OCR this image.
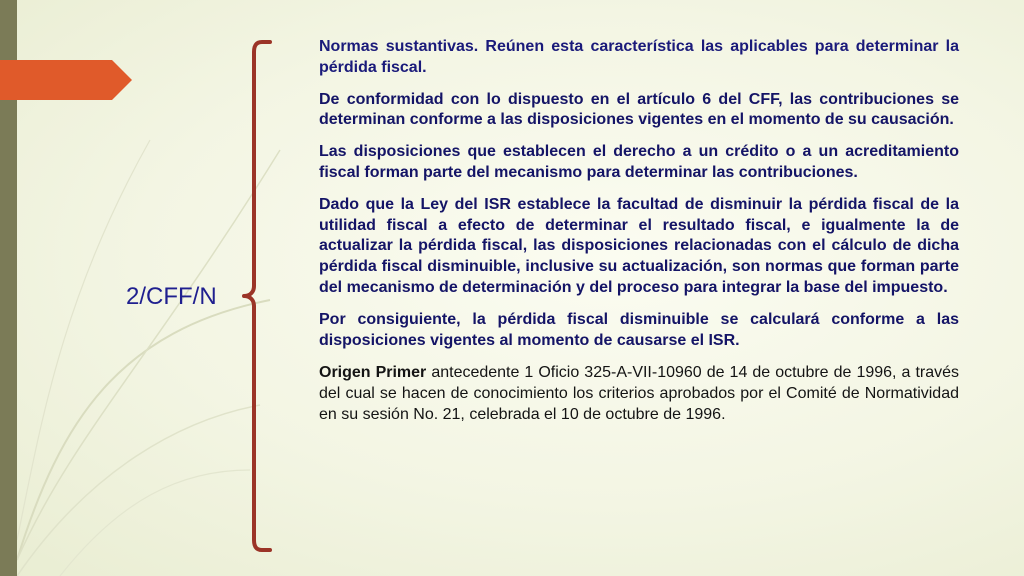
2/CFF/N

Normas sustantivas. Reúnen esta característica las aplicables para determinar la pérdida fiscal.

De conformidad con lo dispuesto en el artículo 6 del CFF, las contribuciones se determinan conforme a las disposiciones vigentes en el momento de su causación.

Las disposiciones que establecen el derecho a un crédito o a un acreditamiento fiscal forman parte del mecanismo para determinar las contribuciones.

Dado que la Ley del ISR establece la facultad de disminuir la pérdida fiscal de la utilidad fiscal a efecto de determinar el resultado fiscal, e igualmente la de actualizar la pérdida fiscal, las disposiciones relacionadas con el cálculo de dicha pérdida fiscal disminuible, inclusive su actualización, son normas que forman parte del mecanismo de determinación y del proceso para integrar la base del impuesto.

Por consiguiente, la pérdida fiscal disminuible se calculará conforme a las disposiciones vigentes al momento de causarse el ISR.

Origen Primer antecedente 1 Oficio 325-A-VII-10960 de 14 de octubre de 1996, a través del cual se hacen de conocimiento los criterios aprobados por el Comité de Normatividad en su sesión No. 21, celebrada el 10 de octubre de 1996.
